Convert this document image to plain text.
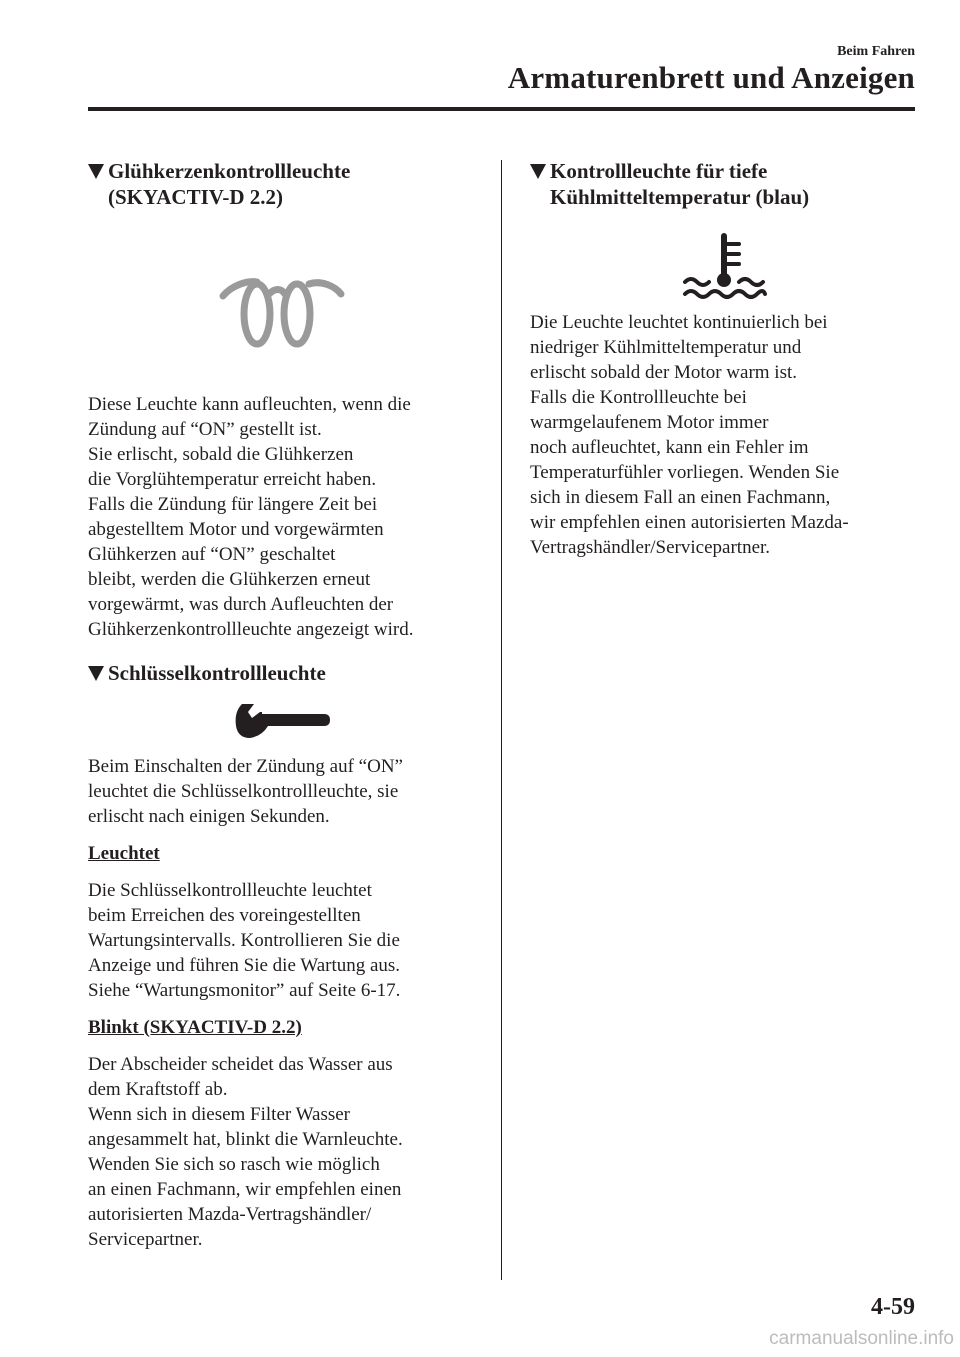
Beim Fahren
Armaturenbrett und Anzeigen
Glühkerzenkontrollleuchte
(SKYACTIV-D 2.2)

Diese Leuchte kann aufleuchten, wenn die

Zündung auf “ON” gestellt ist.

Sie erlischt, sobald die Glühkerzen

die Vorglühtemperatur erreicht haben.

Falls die Zündung für längere Zeit bei

abgestelltem Motor und vorgewärmten

Glühkerzen auf “ON” geschaltet

bleibt, werden die Glühkerzen erneut

vorgewärmt, was durch Aufleuchten der

Glühkerzenkontrollleuchte angezeigt wird.

Schlüsselkontrollleuchte

Beim Einschalten der Zündung auf “ON”

leuchtet die Schlüsselkontrollleuchte, sie

erlischt nach einigen Sekunden.

Leuchtet

Die Schlüsselkontrollleuchte leuchtet

beim Erreichen des voreingestellten

Wartungsintervalls. Kontrollieren Sie die

Anzeige und führen Sie die Wartung aus.

Siehe “Wartungsmonitor” auf Seite 6-17.

Blinkt (SKYACTIV-D 2.2)

Der Abscheider scheidet das Wasser aus

dem Kraftstoff ab.

Wenn sich in diesem Filter Wasser

angesammelt hat, blinkt die Warnleuchte.

Wenden Sie sich so rasch wie möglich

an einen Fachmann, wir empfehlen einen

autorisierten Mazda-Vertragshändler/

Servicepartner.

Kontrollleuchte für tiefe
Kühlmitteltemperatur (blau)

Die Leuchte leuchtet kontinuierlich bei

niedriger Kühlmitteltemperatur und

erlischt sobald der Motor warm ist.

Falls die Kontrollleuchte bei

warmgelaufenem Motor immer

noch aufleuchtet, kann ein Fehler im

Temperaturfühler vorliegen. Wenden Sie

sich in diesem Fall an einen Fachmann,

wir empfehlen einen autorisierten Mazda-

Vertragshändler/Servicepartner.

4-59
carmanualsonline.info
